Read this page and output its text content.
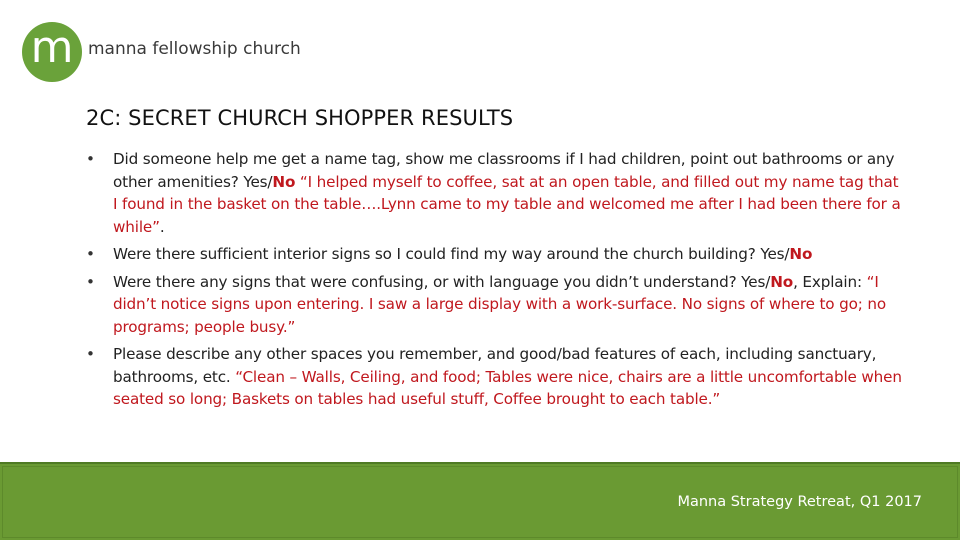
m manna fellowship church
2C: SECRET CHURCH SHOPPER RESULTS
• Did someone help me get a name tag, show me classrooms if I had children, point out bathrooms or any other amenities? Yes/No “I helped myself to coffee, sat at an open table, and filled out my name tag that I found in the basket on the table….Lynn came to my table and welcomed me after I had been there for a while”.
• Were there sufficient interior signs so I could find my way around the church building? Yes/No
• Were there any signs that were confusing, or with language you didn’t understand? Yes/No, Explain: “I didn’t notice signs upon entering. I saw a large display with a work-surface. No signs of where to go; no programs; people busy.”
• Please describe any other spaces you remember, and good/bad features of each, including sanctuary, bathrooms, etc. “Clean – Walls, Ceiling, and food; Tables were nice, chairs are a little uncomfortable when seated so long; Baskets on tables had useful stuff, Coffee brought to each table.”
Manna Strategy Retreat, Q1 2017
